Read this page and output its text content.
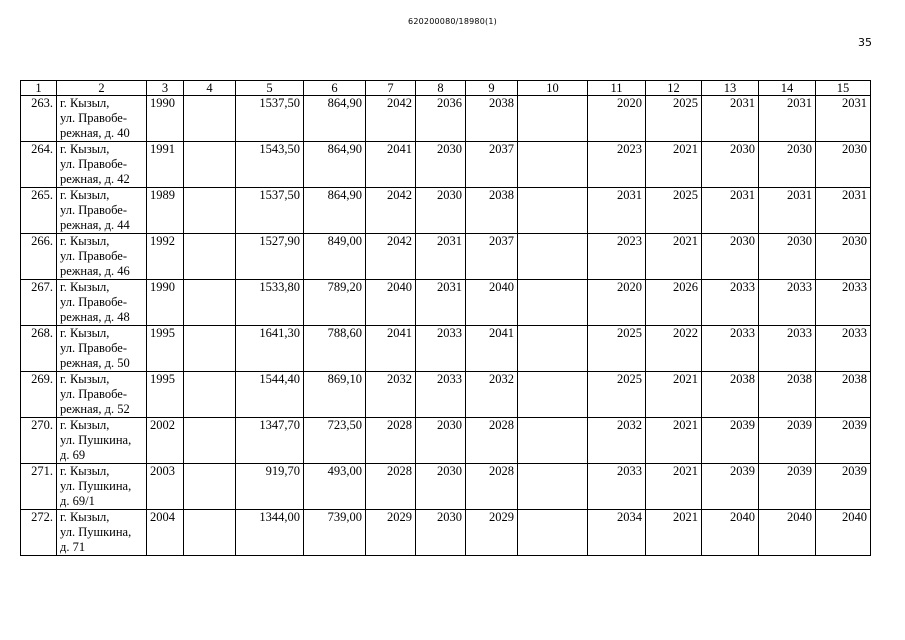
620200080/18980(1)
35
1	2	3	4	5	6	7	8	9	10	11	12	13	14	15
263.	г. Кызыл,
ул. Правобе-
режная, д. 40	1990		1537,50	864,90	2042	2036	2038		2020	2025	2031	2031	2031
264.	г. Кызыл,
ул. Правобе-
режная, д. 42	1991		1543,50	864,90	2041	2030	2037		2023	2021	2030	2030	2030
265.	г. Кызыл,
ул. Правобе-
режная, д. 44	1989		1537,50	864,90	2042	2030	2038		2031	2025	2031	2031	2031
266.	г. Кызыл,
ул. Правобе-
режная, д. 46	1992		1527,90	849,00	2042	2031	2037		2023	2021	2030	2030	2030
267.	г. Кызыл,
ул. Правобе-
режная, д. 48	1990		1533,80	789,20	2040	2031	2040		2020	2026	2033	2033	2033
268.	г. Кызыл,
ул. Правобе-
режная, д. 50	1995		1641,30	788,60	2041	2033	2041		2025	2022	2033	2033	2033
269.	г. Кызыл,
ул. Правобе-
режная, д. 52	1995		1544,40	869,10	2032	2033	2032		2025	2021	2038	2038	2038
270.	г. Кызыл,
ул. Пушкина,
д. 69	2002		1347,70	723,50	2028	2030	2028		2032	2021	2039	2039	2039
271.	г. Кызыл,
ул. Пушкина,
д. 69/1	2003		919,70	493,00	2028	2030	2028		2033	2021	2039	2039	2039
272.	г. Кызыл,
ул. Пушкина,
д. 71	2004		1344,00	739,00	2029	2030	2029		2034	2021	2040	2040	2040
